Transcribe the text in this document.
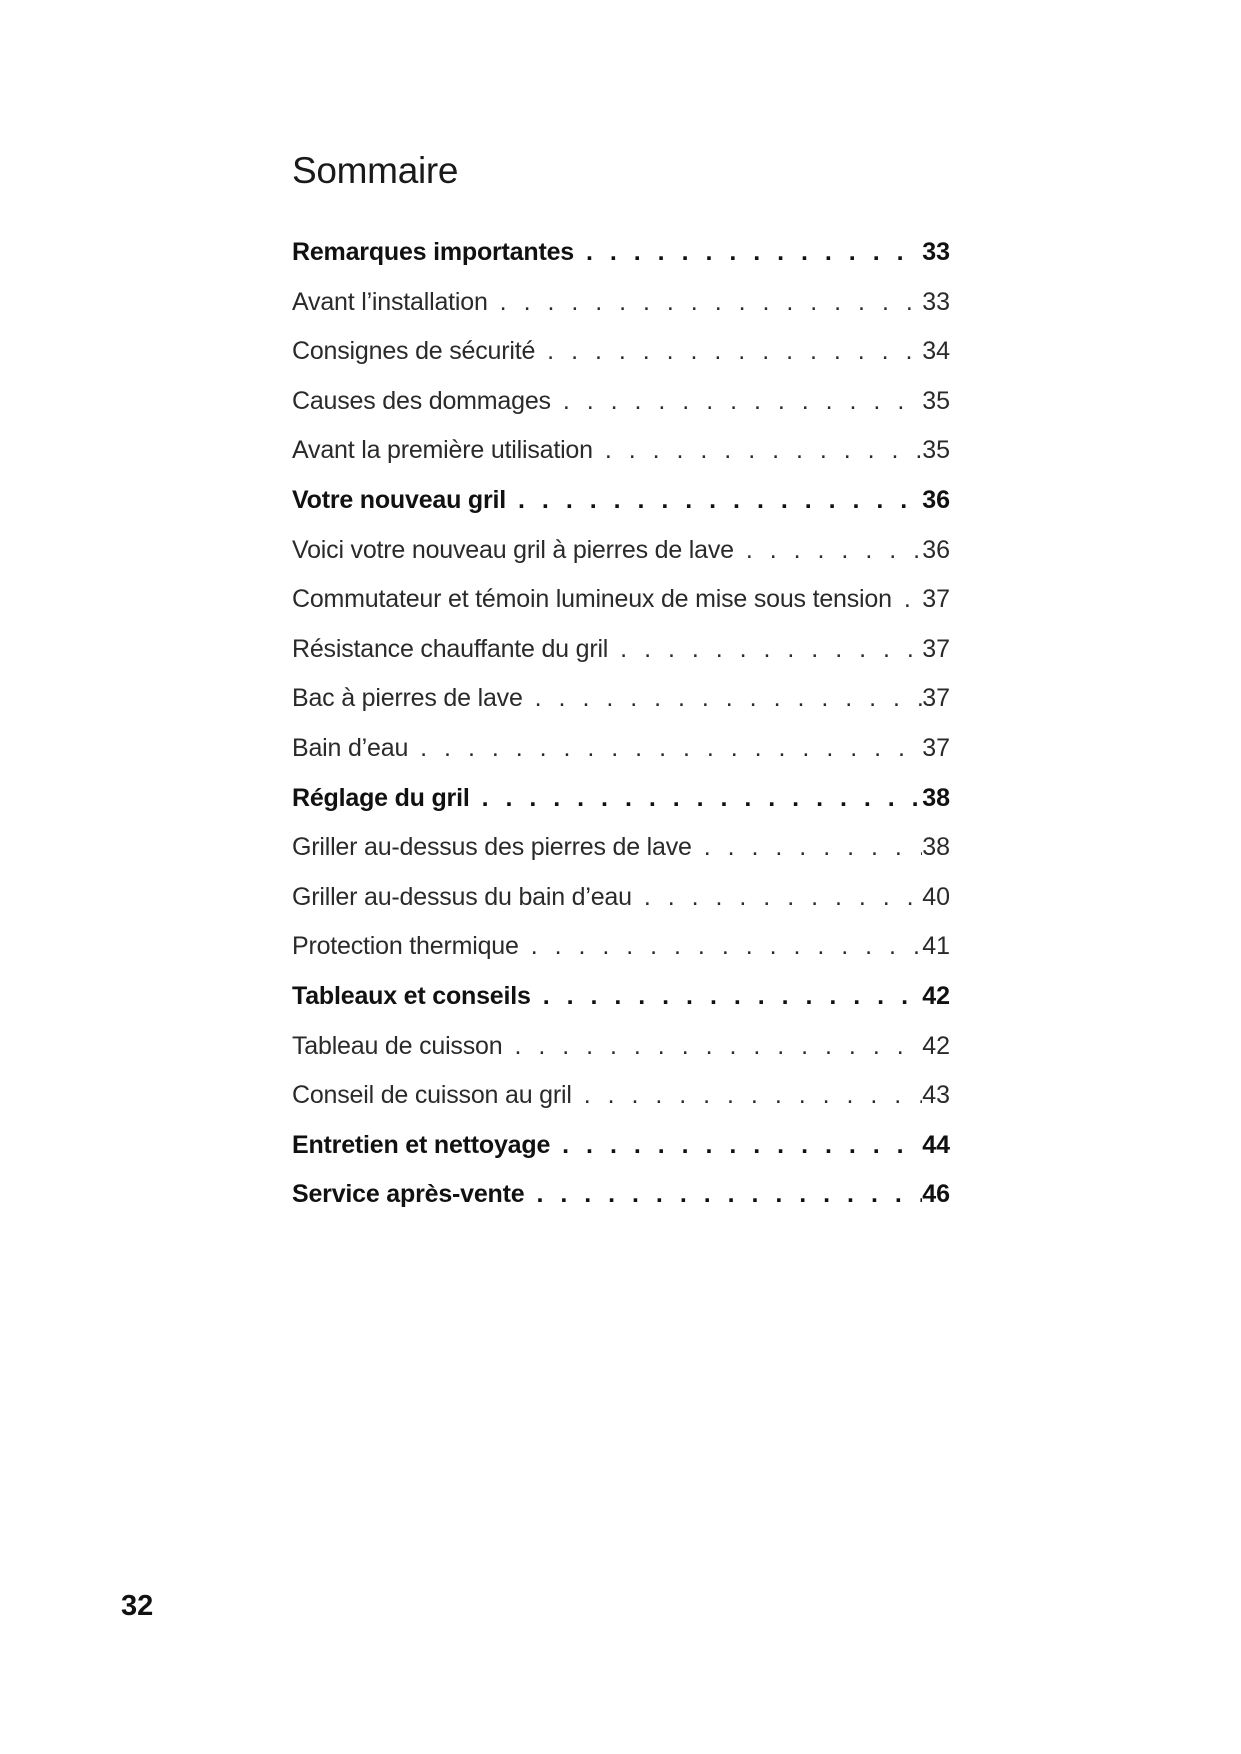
Sommaire
Remarques importantes . . .	33
Avant l’installation . . .	33
Consignes de sécurité . . .	34
Causes des dommages . . .	35
Avant la première utilisation . . .	35
Votre nouveau gril . . .	36
Voici votre nouveau gril à pierres de lave . . .	36
Commutateur et témoin lumineux de mise sous tension . . . 37
Résistance chauffante du gril . . .	37
Bac à pierres de lave . . .	37
Bain d’eau . . .	37
Réglage du gril . . .	38
Griller au-dessus des pierres de lave . . .	38
Griller au-dessus du bain d’eau . . .	40
Protection thermique . . .	41
Tableaux et conseils . . .	42
Tableau de cuisson . . .	42
Conseil de cuisson au gril . . .	43
Entretien et nettoyage . . .	44
Service après-vente . . .	46
32
